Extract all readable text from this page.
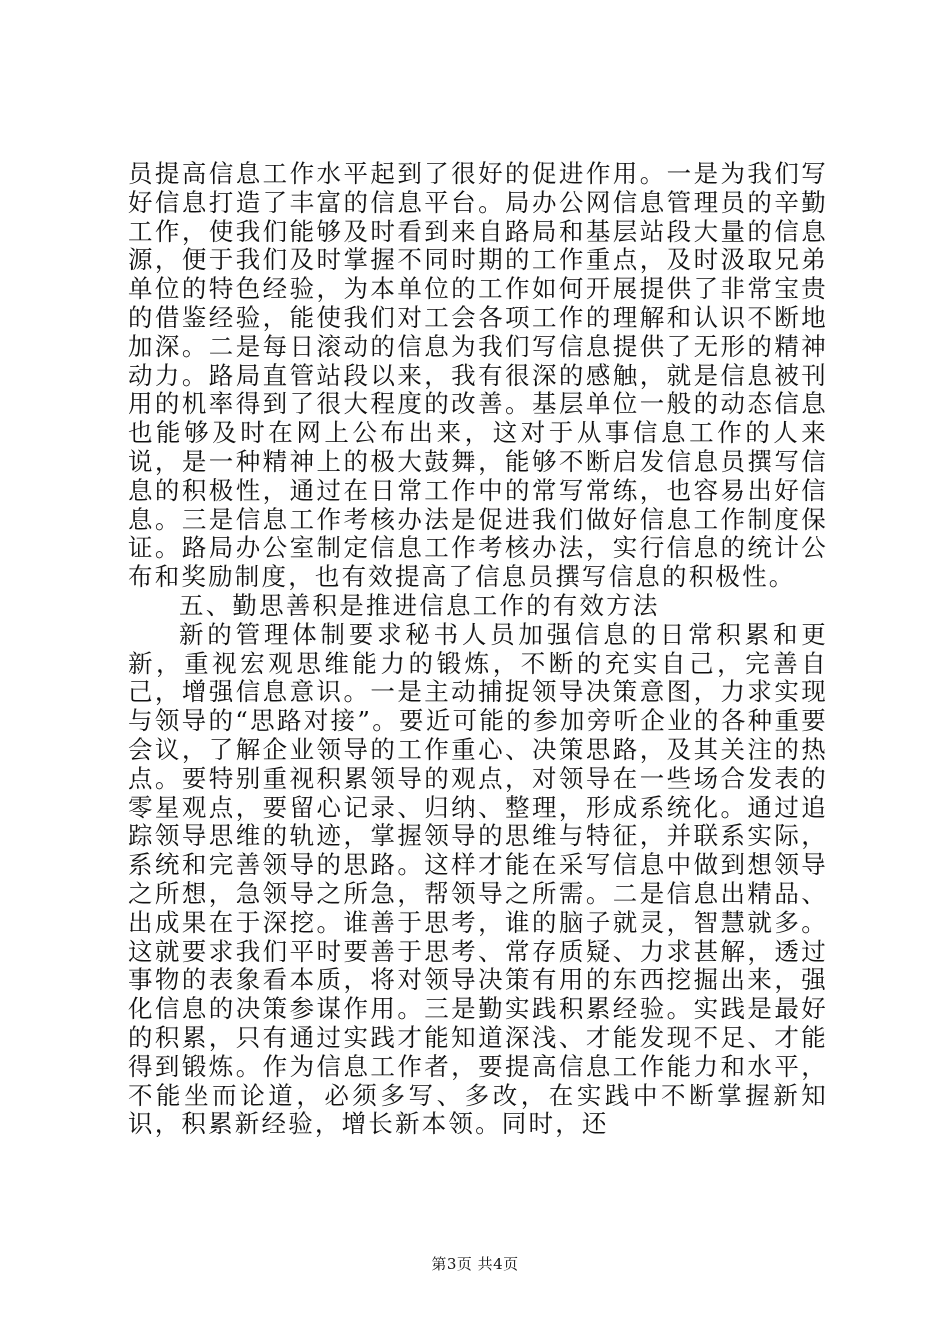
员提高信息工作水平起到了很好的促进作用。一是为我们写好信息打造了丰富的信息平台。局办公网信息管理员的辛勤工作，使我们能够及时看到来自路局和基层站段大量的信息源，便于我们及时掌握不同时期的工作重点，及时汲取兄弟单位的特色经验，为本单位的工作如何开展提供了非常宝贵的借鉴经验，能使我们对工会各项工作的理解和认识不断地加深。二是每日滚动的信息为我们写信息提供了无形的精神动力。路局直管站段以来，我有很深的感触，就是信息被刊用的机率得到了很大程度的改善。基层单位一般的动态信息也能够及时在网上公布出来，这对于从事信息工作的人来说，是一种精神上的极大鼓舞，能够不断启发信息员撰写信息的积极性，通过在日常工作中的常写常练，也容易出好信息。三是信息工作考核办法是促进我们做好信息工作制度保证。路局办公室制定信息工作考核办法，实行信息的统计公布和奖励制度，也有效提高了信息员撰写信息的积极性。

五、勤思善积是推进信息工作的有效方法

新的管理体制要求秘书人员加强信息的日常积累和更新，重视宏观思维能力的锻炼，不断的充实自己，完善自己，增强信息意识。一是主动捕捉领导决策意图，力求实现与领导的“思路对接”。要近可能的参加旁听企业的各种重要会议，了解企业领导的工作重心、决策思路，及其关注的热点。要特别重视积累领导的观点，对领导在一些场合发表的零星观点，要留心记录、归纳、整理，形成系统化。通过追踪领导思维的轨迹，掌握领导的思维与特征，并联系实际，系统和完善领导的思路。这样才能在采写信息中做到想领导之所想，急领导之所急，帮领导之所需。二是信息出精品、出成果在于深挖。谁善于思考，谁的脑子就灵，智慧就多。这就要求我们平时要善于思考、常存质疑、力求甚解，透过事物的表象看本质，将对领导决策有用的东西挖掘出来，强化信息的决策参谋作用。三是勤实践积累经验。实践是最好的积累，只有通过实践才能知道深浅、才能发现不足、才能得到锻炼。作为信息工作者，要提高信息工作能力和水平，不能坐而论道，必须多写、多改，在实践中不断掌握新知识，积累新经验，增长新本领。同时，还

第3页 共4页
